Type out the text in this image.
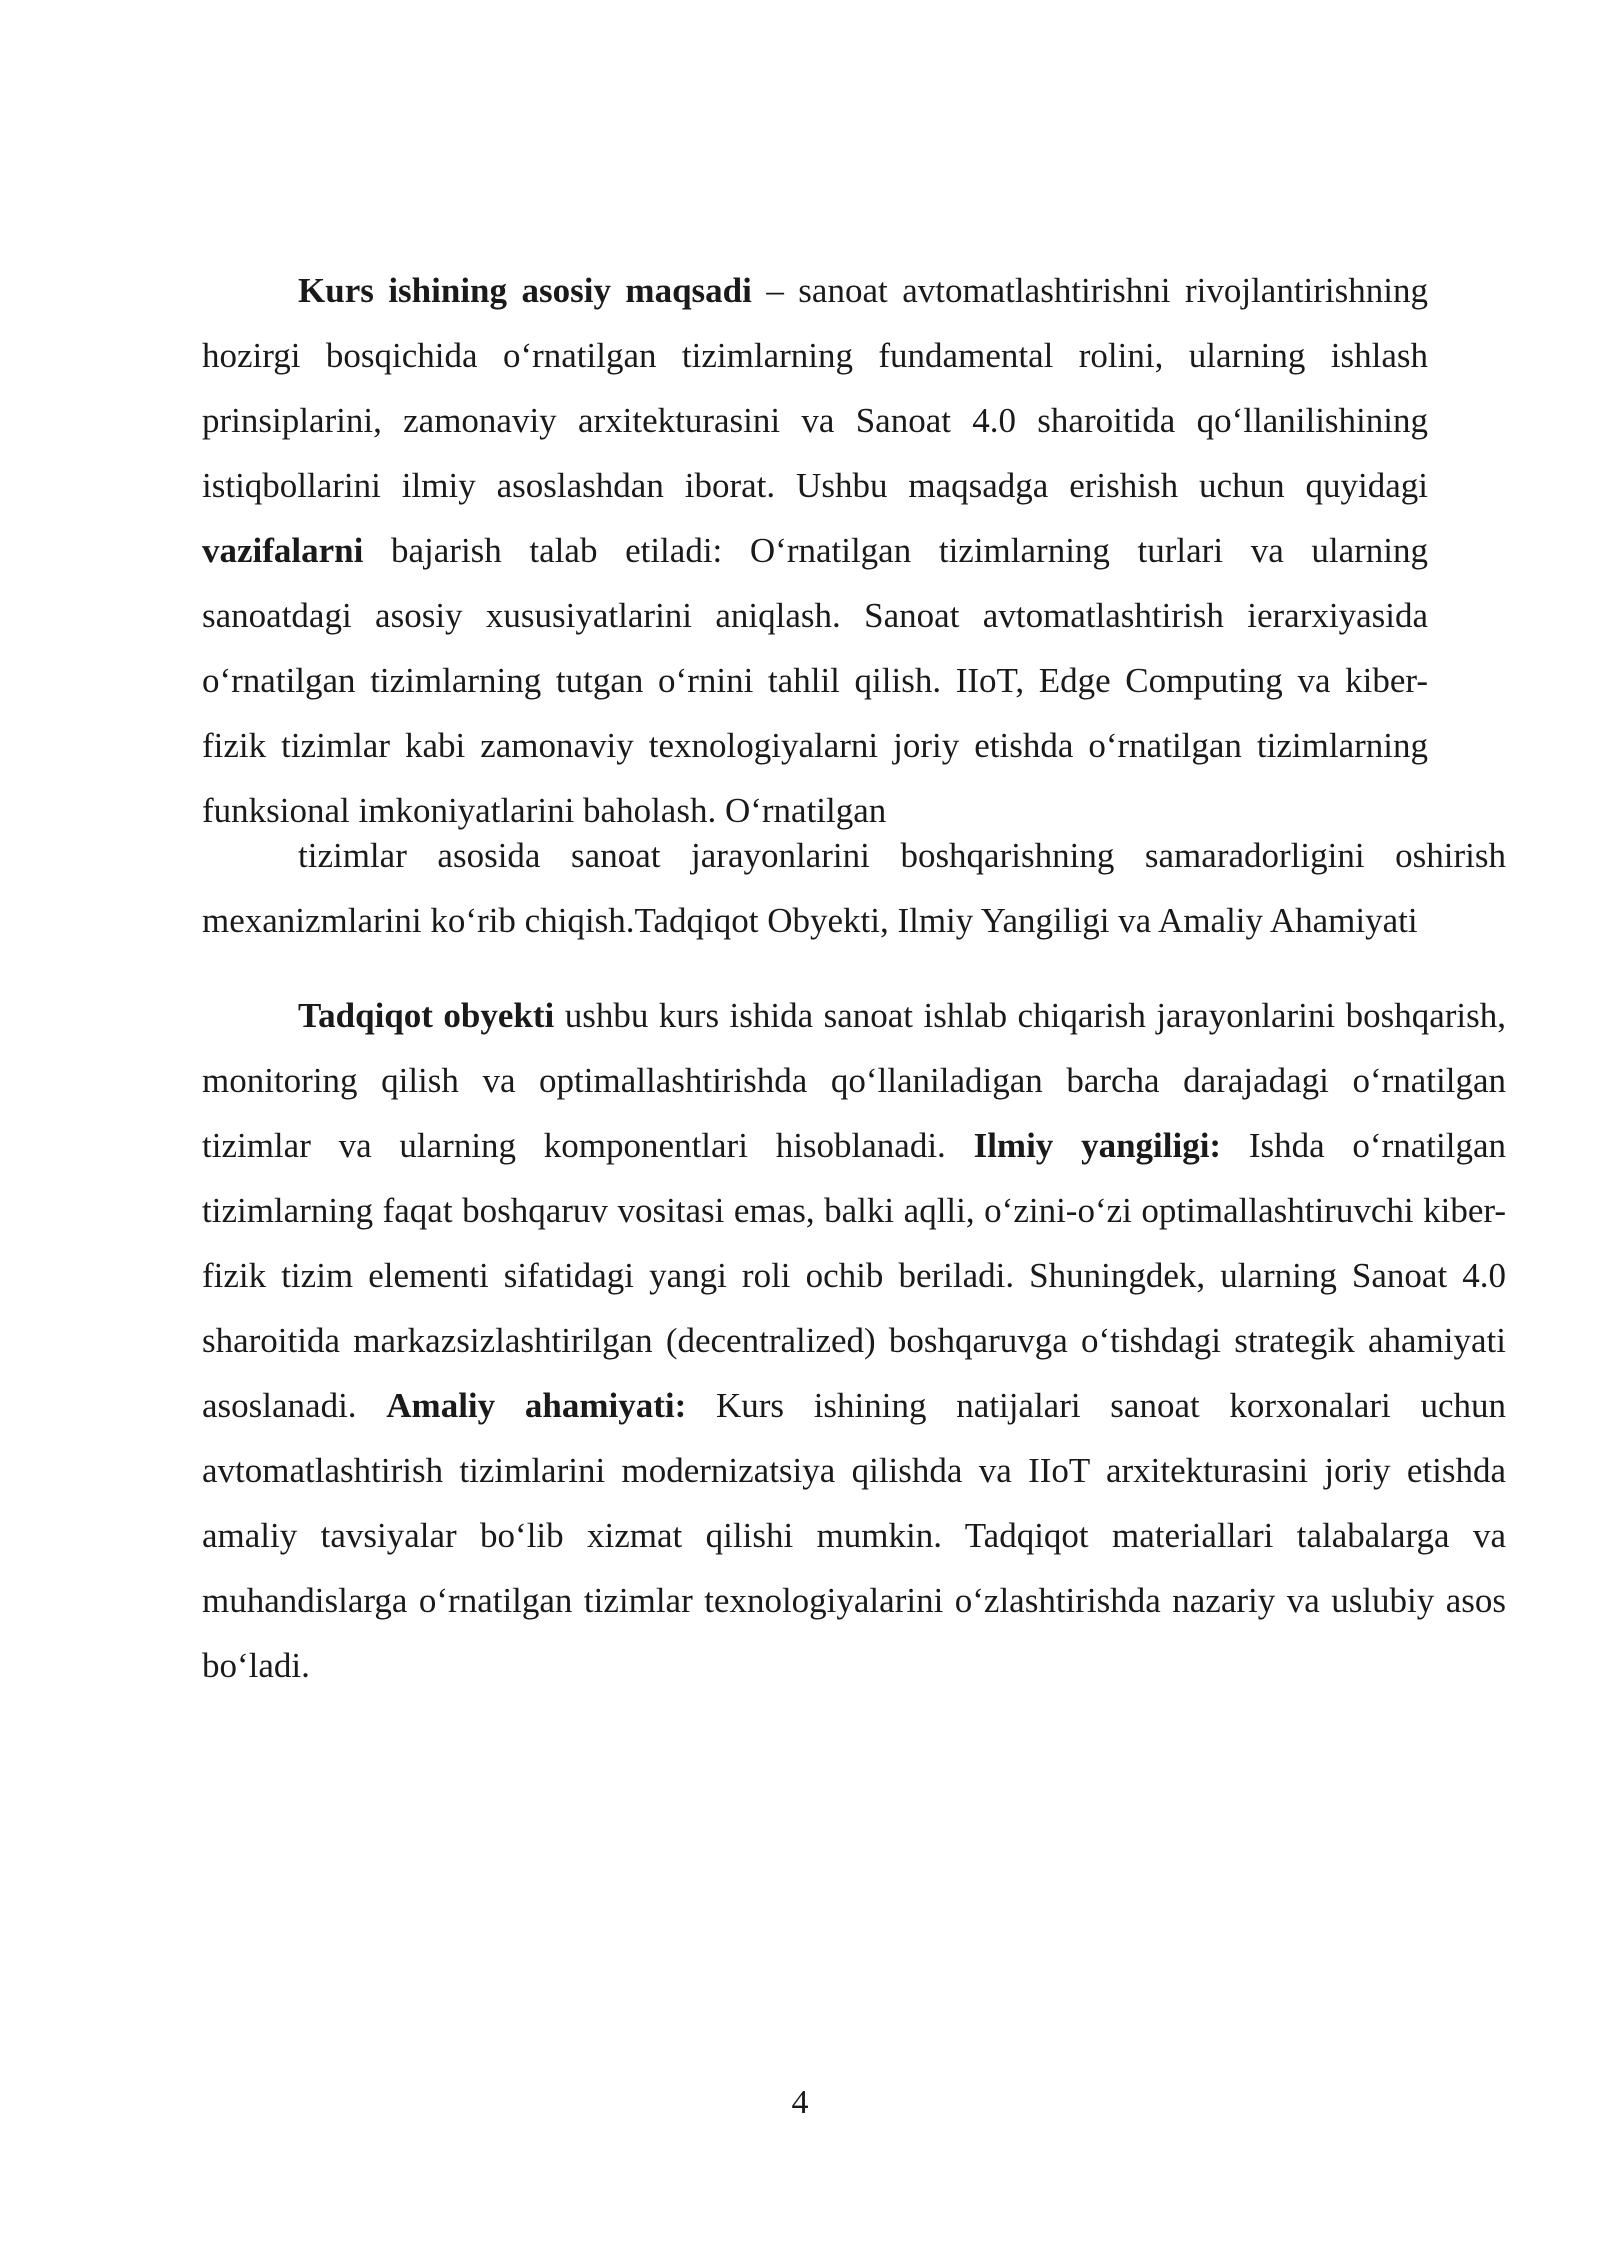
Kurs ishining asosiy maqsadi – sanoat avtomatlashtirishni rivojlantirishning hozirgi bosqichida o‘rnatilgan tizimlarning fundamental rolini, ularning ishlash prinsiplarini, zamonaviy arxitekturasini va Sanoat 4.0 sharoitida qo‘llanilishining istiqbollarini ilmiy asoslashdan iborat. Ushbu maqsadga erishish uchun quyidagi vazifalarni bajarish talab etiladi: O‘rnatilgan tizimlarning turlari va ularning sanoatdagi asosiy xususiyatlarini aniqlash. Sanoat avtomatlashtirish ierarxiyasida o‘rnatilgan tizimlarning tutgan o‘rnini tahlil qilish. IIoT, Edge Computing va kiber-fizik tizimlar kabi zamonaviy texnologiyalarni joriy etishda o‘rnatilgan tizimlarning funksional imkoniyatlarini baholash. O‘rnatilgan

tizimlar asosida sanoat jarayonlarini boshqarishning samaradorligini oshirish mexanizmlarini ko‘rib chiqish.Tadqiqot Obyekti, Ilmiy Yangiligi va Amaliy Ahamiyati

Tadqiqot obyekti ushbu kurs ishida sanoat ishlab chiqarish jarayonlarini boshqarish, monitoring qilish va optimallashtirishda qo‘llaniladigan barcha darajadagi o‘rnatilgan tizimlar va ularning komponentlari hisoblanadi. Ilmiy yangiligi: Ishda o‘rnatilgan tizimlarning faqat boshqaruv vositasi emas, balki aqlli, o‘zini-o‘zi optimallashtiruvchi kiber-fizik tizim elementi sifatidagi yangi roli ochib beriladi. Shuningdek, ularning Sanoat 4.0 sharoitida markazsizlashtirilgan (decentralized) boshqaruvga o‘tishdagi strategik ahamiyati asoslanadi. Amaliy ahamiyati: Kurs ishining natijalari sanoat korxonalari uchun avtomatlashtirish tizimlarini modernizatsiya qilishda va IIoT arxitekturasini joriy etishda amaliy tavsiyalar bo‘lib xizmat qilishi mumkin. Tadqiqot materiallari talabalarga va muhandislarga o‘rnatilgan tizimlar texnologiyalarini o‘zlashtirishda nazariy va uslubiy asos bo‘ladi.

4
